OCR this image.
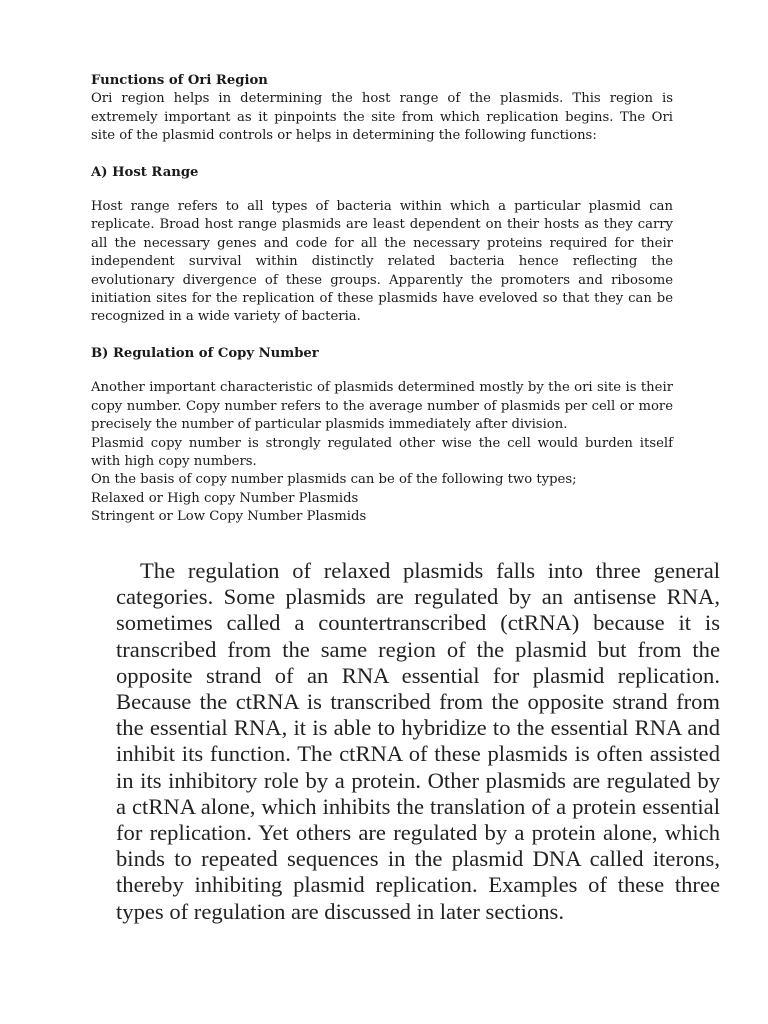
Functions of Ori Region

Ori region helps in determining the host range of the plasmids. This region is extremely important as it pinpoints the site from which replication begins. The Ori site of the plasmid controls or helps in determining the following functions:

A) Host Range

Host range refers to all types of bacteria within which a particular plasmid can replicate. Broad host range plasmids are least dependent on their hosts as they carry all the necessary genes and code for all the necessary proteins required for their independent survival within distinctly related bacteria hence reflecting the evolutionary divergence of these groups. Apparently the promoters and ribosome initiation sites for the replication of these plasmids have eveloved so that they can be recognized in a wide variety of bacteria.

B) Regulation of Copy Number

Another important characteristic of plasmids determined mostly by the ori site is their copy number. Copy number refers to the average number of plasmids per cell or more precisely the number of particular plasmids immediately after division.

Plasmid copy number is strongly regulated other wise the cell would burden itself with high copy numbers.

On the basis of copy number plasmids can be of the following two types;
Relaxed or High copy Number Plasmids
Stringent or Low Copy Number Plasmids

The regulation of relaxed plasmids falls into three general categories. Some plasmids are regulated by an antisense RNA, sometimes called a countertranscribed (ctRNA) because it is transcribed from the same region of the plasmid but from the opposite strand of an RNA essential for plasmid replication. Because the ctRNA is transcribed from the opposite strand from the essential RNA, it is able to hybridize to the essential RNA and inhibit its function. The ctRNA of these plasmids is often assisted in its inhibitory role by a protein. Other plasmids are regulated by a ctRNA alone, which inhibits the translation of a protein essential for replication. Yet others are regulated by a protein alone, which binds to repeated sequences in the plasmid DNA called iterons, thereby inhibiting plasmid replication. Examples of these three types of regulation are discussed in later sections.
